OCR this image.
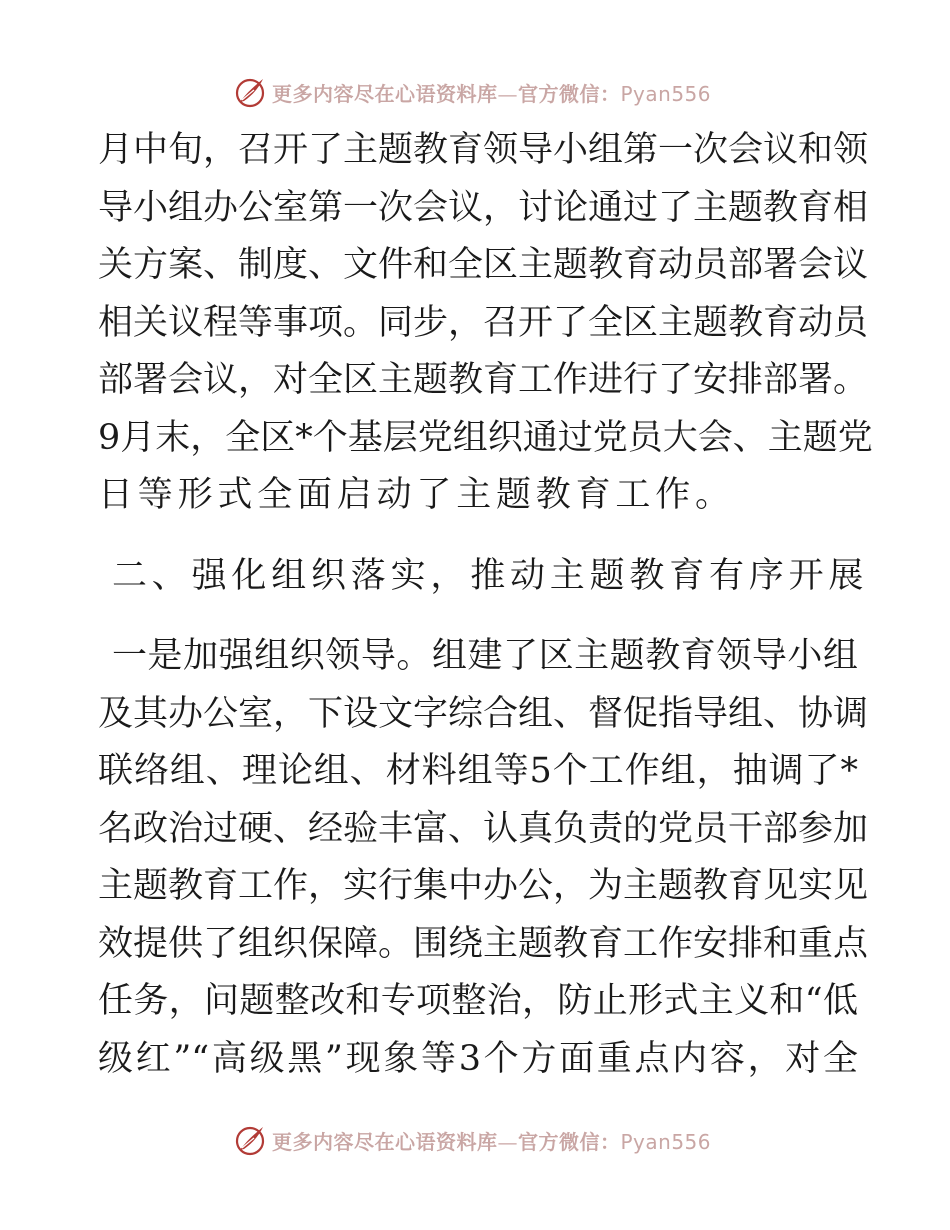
更多内容尽在心语资料库—官方微信：Pyan556
月中旬，召开了主题教育领导小组第一次会议和领
导小组办公室第一次会议，讨论通过了主题教育相
关方案、制度、文件和全区主题教育动员部署会议
相关议程等事项。同步，召开了全区主题教育动员
部署会议，对全区主题教育工作进行了安排部署。
9月末，全区*个基层党组织通过党员大会、主题党
日等形式全面启动了主题教育工作。
二、强化组织落实，推动主题教育有序开展
一是加强组织领导。组建了区主题教育领导小组
及其办公室，下设文字综合组、督促指导组、协调
联络组、理论组、材料组等5个工作组，抽调了*
名政治过硬、经验丰富、认真负责的党员干部参加
主题教育工作，实行集中办公，为主题教育见实见
效提供了组织保障。围绕主题教育工作安排和重点
任务，问题整改和专项整治，防止形式主义和“低
级红”“高级黑”现象等3个方面重点内容，对全
更多内容尽在心语资料库—官方微信：Pyan556
